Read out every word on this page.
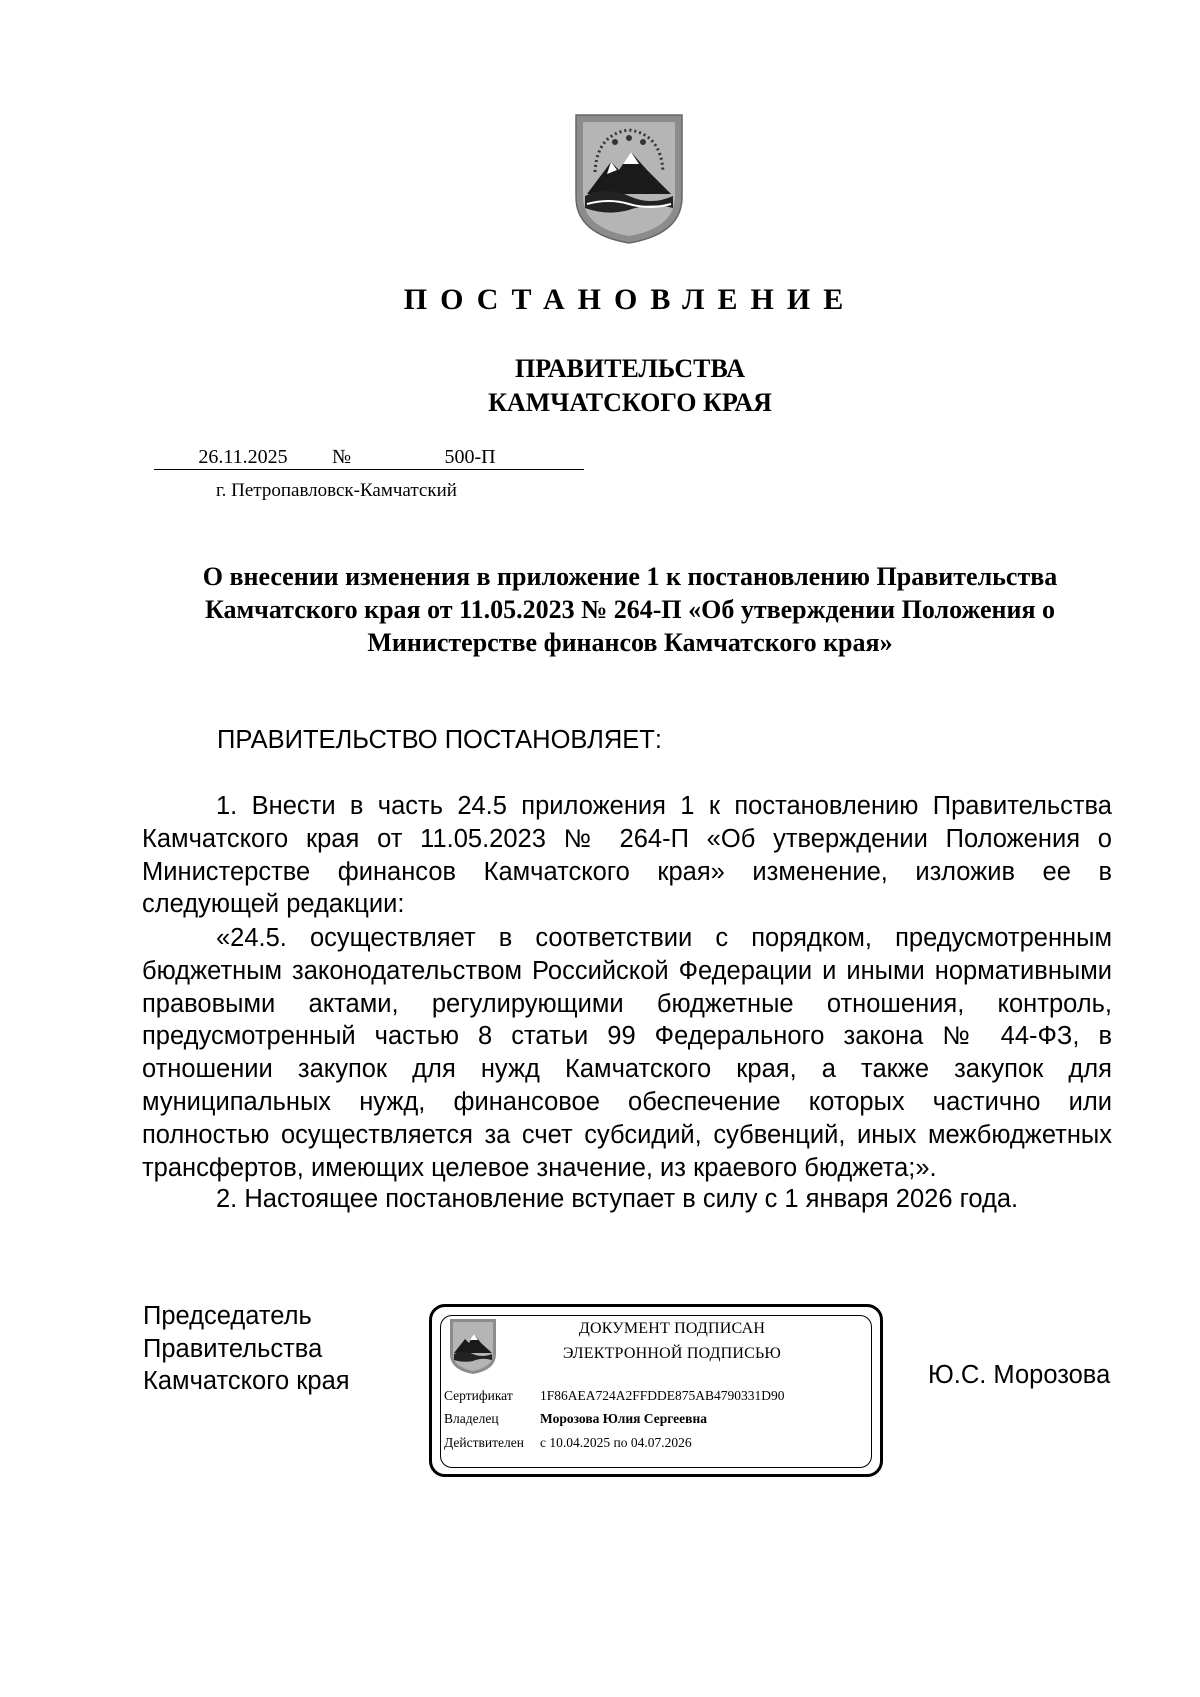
ПОСТАНОВЛЕНИЕ
ПРАВИТЕЛЬСТВА
КАМЧАТСКОГО КРАЯ
26.11.2025	№	500-П
г. Петропавловск-Камчатский
О внесении изменения в приложение 1 к постановлению Правительства
Камчатского края от 11.05.2023 № 264-П «Об утверждении Положения о
Министерстве финансов Камчатского края»
ПРАВИТЕЛЬСТВО ПОСТАНОВЛЯЕТ:
1. Внести в часть 24.5 приложения 1 к постановлению Правительства Камчатского края от 11.05.2023 № 264-П «Об утверждении Положения о Министерстве финансов Камчатского края» изменение, изложив ее в следующей редакции:
«24.5. осуществляет в соответствии с порядком, предусмотренным бюджетным законодательством Российской Федерации и иными нормативными правовыми актами, регулирующими бюджетные отношения, контроль, предусмотренный частью 8 статьи 99 Федерального закона № 44-ФЗ, в отношении закупок для нужд Камчатского края, а также закупок для муниципальных нужд, финансовое обеспечение которых частично или полностью осуществляется за счет субсидий, субвенций, иных межбюджетных трансфертов, имеющих целевое значение, из краевого бюджета;».
2. Настоящее постановление вступает в силу с 1 января 2026 года.
Председатель
Правительства
Камчатского края
ДОКУМЕНТ ПОДПИСАН
ЭЛЕКТРОННОЙ ПОДПИСЬЮ
Сертификат 1F86AEA724A2FFDDE875AB4790331D90
Владелец	Морозова Юлия Сергеевна
Действителен с 10.04.2025 по 04.07.2026
Ю.С. Морозова
